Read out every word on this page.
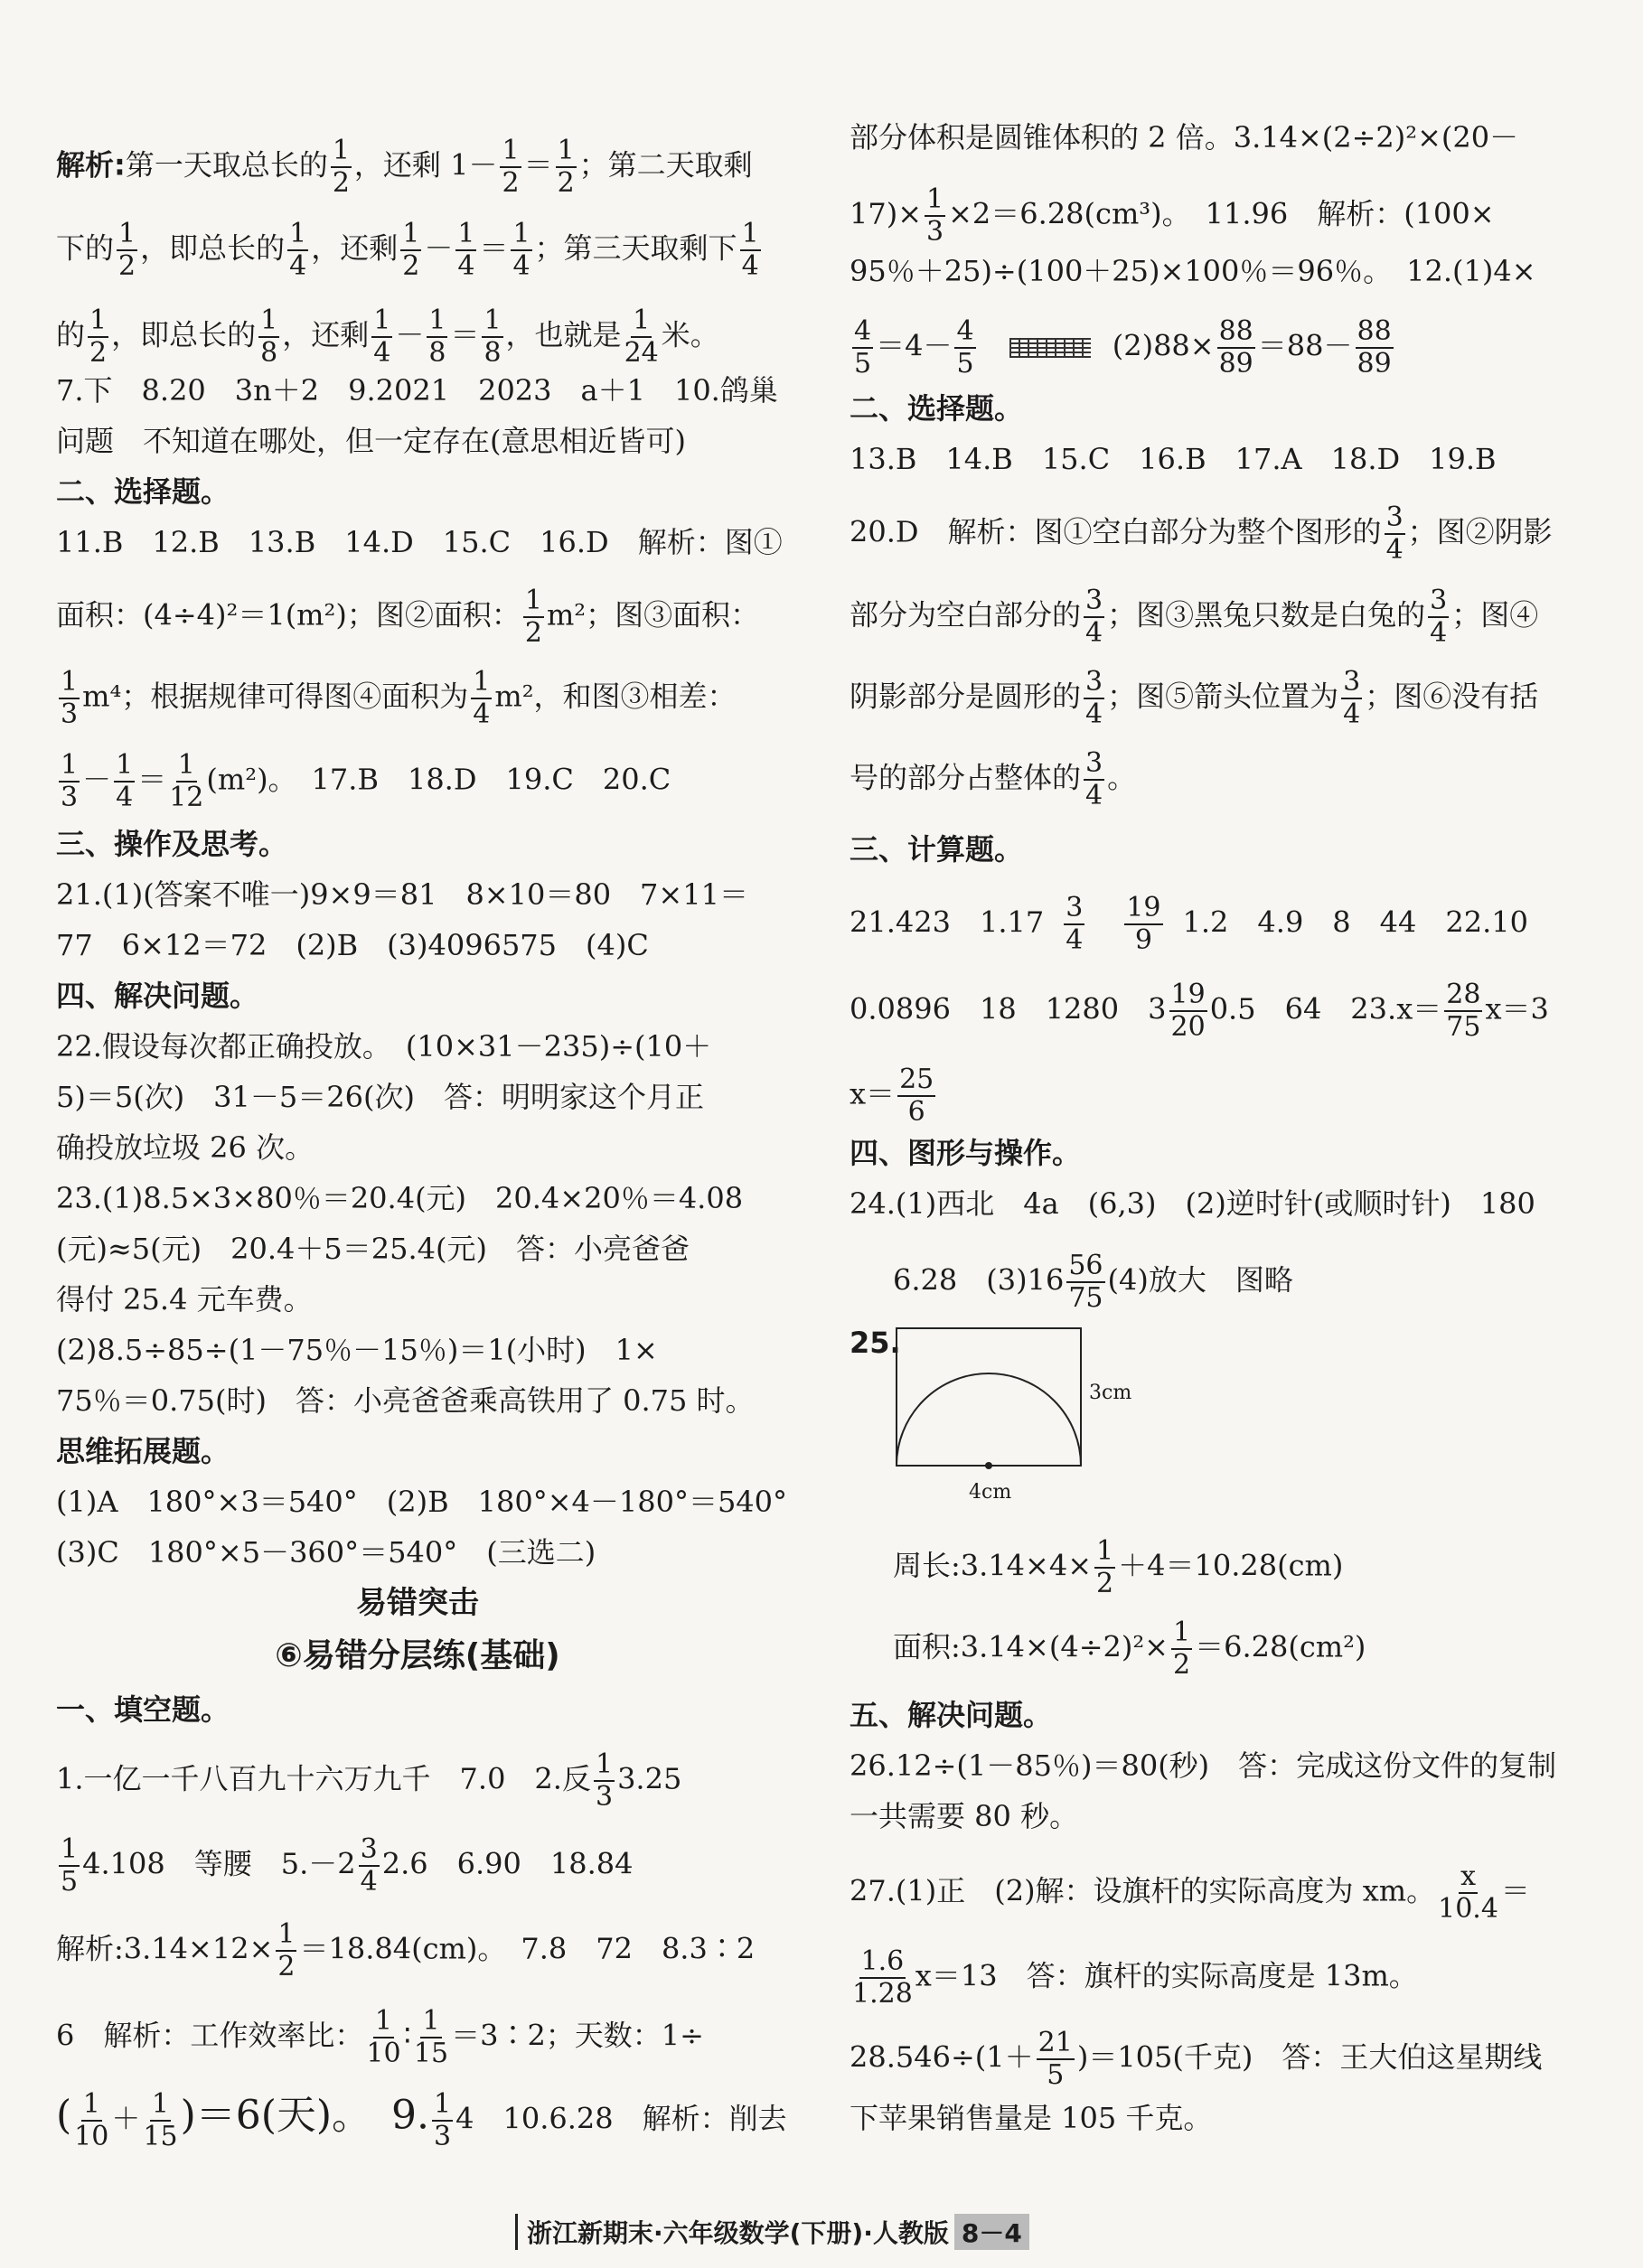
解析:第一天取总长的 $\frac{1}{2}$ ，还剩 $1- \frac{1}{2} = \frac{1}{2}$ ；第二天取剩
下的 $\frac{1}{2}$ ，即总长的 $\frac{1}{4}$ ，还剩 $\frac{1}{2} - \frac{1}{4} = \frac{1}{4}$ ；第三天取剩下 $\frac{1}{4}$
的 $\frac{1}{2}$ ，即总长的 $\frac{1}{8}$ ，还剩 $\frac{1}{4} - \frac{1}{8} = \frac{1}{8}$ ，也就是 $\frac{1}{24}$ 米。
7.下　8.20　3n＋2　9.2021　2023　a＋1　10.鸽巢
问题　不知道在哪处，但一定存在(意思相近皆可)
二、选择题。
11.B　12.B　13.B　14.D　15.C　16.D　解析：图①
面积：(4÷4)²＝1(m²)；图②面积： $\frac{1}{2} m^2$；图③面积：
$\frac{1}{3} m^4$；根据规律可得图④面积为 $\frac{1}{4} m^2$，和图③相差：
$\frac{1}{3} - \frac{1}{4} = \frac{1}{12} (m^2)$。　17.B　18.D　19.C　20.C
三、操作及思考。
21.(1)(答案不唯一)9×9＝81　8×10＝80　7×11＝
77　6×12＝72　(2)B　(3)4096575　(4)C
四、解决问题。
22.假设每次都正确投放。　(10×31－235)÷(10＋
5)＝5(次)　31－5＝26(次)　答：明明家这个月正
确投放垃圾 26 次。
23.(1)8.5×3×80％＝20.4(元)　20.4×20％＝4.08
(元)≈5(元)　20.4＋5＝25.4(元)　答：小亮爸爸
得付 25.4 元车费。
(2)8.5÷85÷(1－75％－15％)＝1(小时)　1×
75％＝0.75(时)　答：小亮爸爸乘高铁用了 0.75 时。
思维拓展题。
(1)A　180°×3＝540°　(2)B　180°×4－180°＝540°
(3)C　180°×5－360°＝540°　(三选二)
易错突击
⑥易错分层练(基础)
一、填空题。
1.一亿一千八百九十六万九千　7.0　2.反 $\frac{1}{3} 3.25$
$\frac{1}{5} 4.108$　等腰　$5.-2 \frac{3}{4} 2.6$　6.90　18.84
解析:3.14×12× $\frac{1}{2} =18.84(cm)$。　7.8　72　8.3∶2
6　解析：工作效率比： $\frac{1}{10}$ ∶ $\frac{1}{15}$ ＝3∶2；天数：1÷
( $\frac{1}{10} + \frac{1}{15} )=6$(天)。　9. $\frac{1}{3} 4$　10.6.28　解析：削去
部分体积是圆锥体积的 2 倍。3.14×(2÷2)²×(20－
$17)\times \frac{1}{3} \times 2=6.28(cm^3)$。　11.96　解析：(100×
95％＋25)÷(100＋25)×100％＝96％。　12.(1)4×
$\frac{4}{5} =4- \frac{4}{5}$	$(2)88\times \frac{88}{89} =88- \frac{88}{89}$
二、选择题。
13.B　14.B　15.C　16.B　17.A　18.D　19.B
20.D　解析：图①空白部分为整个图形的 $\frac{3}{4}$ ；图②阴影
部分为空白部分的 $\frac{3}{4}$ ；图③黑兔只数是白兔的 $\frac{3}{4}$ ；图④
阴影部分是圆形的 $\frac{3}{4}$ ；图⑤箭头位置为 $\frac{3}{4}$ ；图⑥没有括
号的部分占整体的 $\frac{3}{4}$ 。
三、计算题。
21.423　$1.17 \frac{3}{4} \frac{19}{9} 1.2$　4.9　8　44　22.10
0.0896　18　1280　$3 \frac{19}{20} 0.5$　64　$23.x= \frac{28}{75} x=3$
$x= \frac{25}{6}$
四、图形与操作。
24.(1)西北　4a　(6,3)　(2)逆时针(或顺时针)　180
6.28　$(3)16 \frac{56}{75} (4)$放大　图略
25.
3cm
4cm
周长:3.14×4× $\frac{1}{2} +4=10.28(cm)$
面积:3.14×(4÷2)²× $\frac{1}{2} =6.28(cm^2)$
五、解决问题。
26.12÷(1－85％)＝80(秒)　答：完成这份文件的复制
一共需要 80 秒。
27.(1)正　(2)解：设旗杆的实际高度为 xm。 $\frac{x}{10.4}$ ＝
$\frac{1.6}{1.28} x=13$　答：旗杆的实际高度是 13m。
$28.546\div(1+ \frac{21}{5} )=105$(千克)　答：王大伯这星期线
下苹果销售量是 105 千克。
浙江新期末·六年级数学(下册)·人教版 8－4
